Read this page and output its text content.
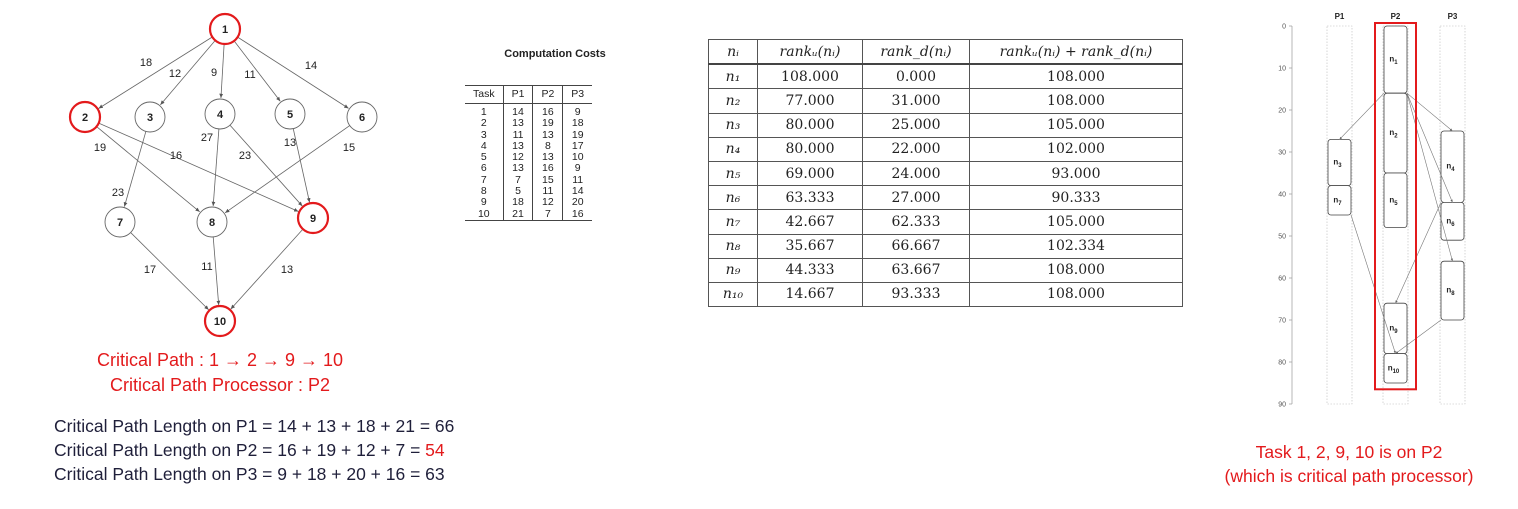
18
12	9 11
14
19
16
23
27
23
13	15
17	11	13
1
2	3	4	5	6
7	8	9
10
Critical Path : 1 → 2 → 9 → 10
Critical Path Processor : P2
Critical Path Length on P1 = 14 + 13 + 18 + 21 = 66
Critical Path Length on P2 = 16 + 19 + 12 + 7 = 54
Critical Path Length on P3 = 9 + 18 + 20 + 16 = 63
Computation Costs
Task	P1	P2	P3
1	14	16	9
2	13	19	18
3	11	13	19
4	13	8	17
5	12	13	10
6	13	16	9
7	7	15	11
8	5	11	14
9	18	12	20
10	21	7	16
nᵢ	rankᵤ(nᵢ)	rank_d(nᵢ)	rankᵤ(nᵢ) + rank_d(nᵢ)
n₁	108.000	0.000	108.000
n₂	77.000	31.000	108.000
n₃	80.000	25.000	105.000
n₄	80.000	22.000	102.000
n₅	69.000	24.000	93.000
n₆	63.333	27.000	90.333
n₇	42.667	62.333	105.000
n₈	35.667	66.667	102.334
n₉	44.333	63.667	108.000
n₁₀	14.667	93.333	108.000
0
10
20
30
40
50
60
70
80
90
P1	P2	P3
$n_1$
$n_2$
$n_3$	$n_4$
$n_5$
$n_6$
$n_7$
$n_8$
$n_9$
$n_{10}$
Task 1, 2, 9, 10 is on P2
(which is critical path processor)
